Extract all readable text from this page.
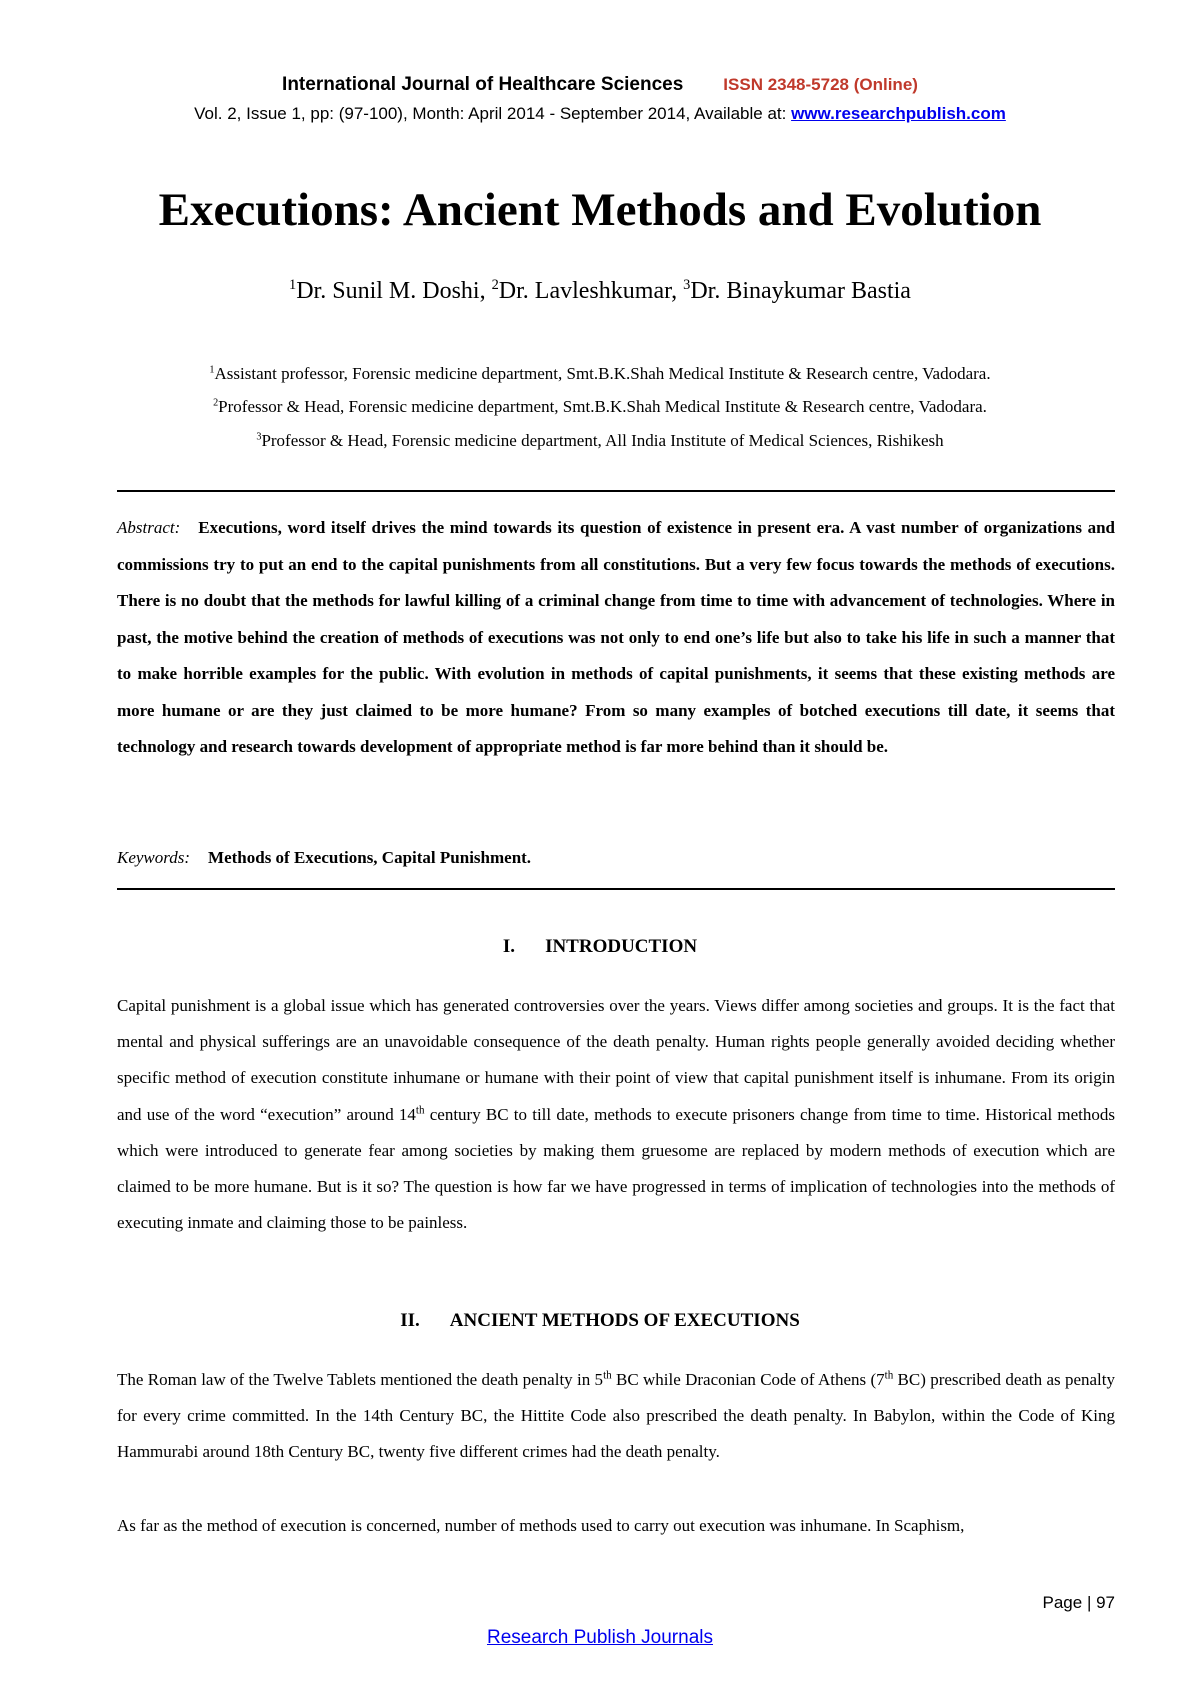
International Journal of Healthcare Sciences ISSN 2348-5728 (Online)
Vol. 2, Issue 1, pp: (97-100), Month: April 2014 - September 2014, Available at: www.researchpublish.com
Executions: Ancient Methods and Evolution
$^1$Dr. Sunil M. Doshi, $^2$Dr. Lavleshkumar, $^3$Dr. Binaykumar Bastia
$^1$Assistant professor, Forensic medicine department, Smt.B.K.Shah Medical Institute & Research centre, Vadodara.
$^2$Professor & Head, Forensic medicine department, Smt.B.K.Shah Medical Institute & Research centre, Vadodara.
$^3$Professor & Head, Forensic medicine department, All India Institute of Medical Sciences, Rishikesh

Abstract: Executions, word itself drives the mind towards its question of existence in present era. A vast number of organizations and commissions try to put an end to the capital punishments from all constitutions. But a very few focus towards the methods of executions. There is no doubt that the methods for lawful killing of a criminal change from time to time with advancement of technologies. Where in past, the motive behind the creation of methods of executions was not only to end one’s life but also to take his life in such a manner that to make horrible examples for the public. With evolution in methods of capital punishments, it seems that these existing methods are more humane or are they just claimed to be more humane? From so many examples of botched executions till date, it seems that technology and research towards development of appropriate method is far more behind than it should be.

Keywords: Methods of Executions, Capital Punishment.

I. INTRODUCTION

Capital punishment is a global issue which has generated controversies over the years. Views differ among societies and groups. It is the fact that mental and physical sufferings are an unavoidable consequence of the death penalty. Human rights people generally avoided deciding whether specific method of execution constitute inhumane or humane with their point of view that capital punishment itself is inhumane. From its origin and use of the word “execution” around 14th century BC to till date, methods to execute prisoners change from time to time. Historical methods which were introduced to generate fear among societies by making them gruesome are replaced by modern methods of execution which are claimed to be more humane. But is it so? The question is how far we have progressed in terms of implication of technologies into the methods of executing inmate and claiming those to be painless.

II. ANCIENT METHODS OF EXECUTIONS

The Roman law of the Twelve Tablets mentioned the death penalty in 5th BC while Draconian Code of Athens (7th BC) prescribed death as penalty for every crime committed. In the 14th Century BC, the Hittite Code also prescribed the death penalty. In Babylon, within the Code of King Hammurabi around 18th Century BC, twenty five different crimes had the death penalty.

As far as the method of execution is concerned, number of methods used to carry out execution was inhumane. In Scaphism,

Page | 97
Research Publish Journals
